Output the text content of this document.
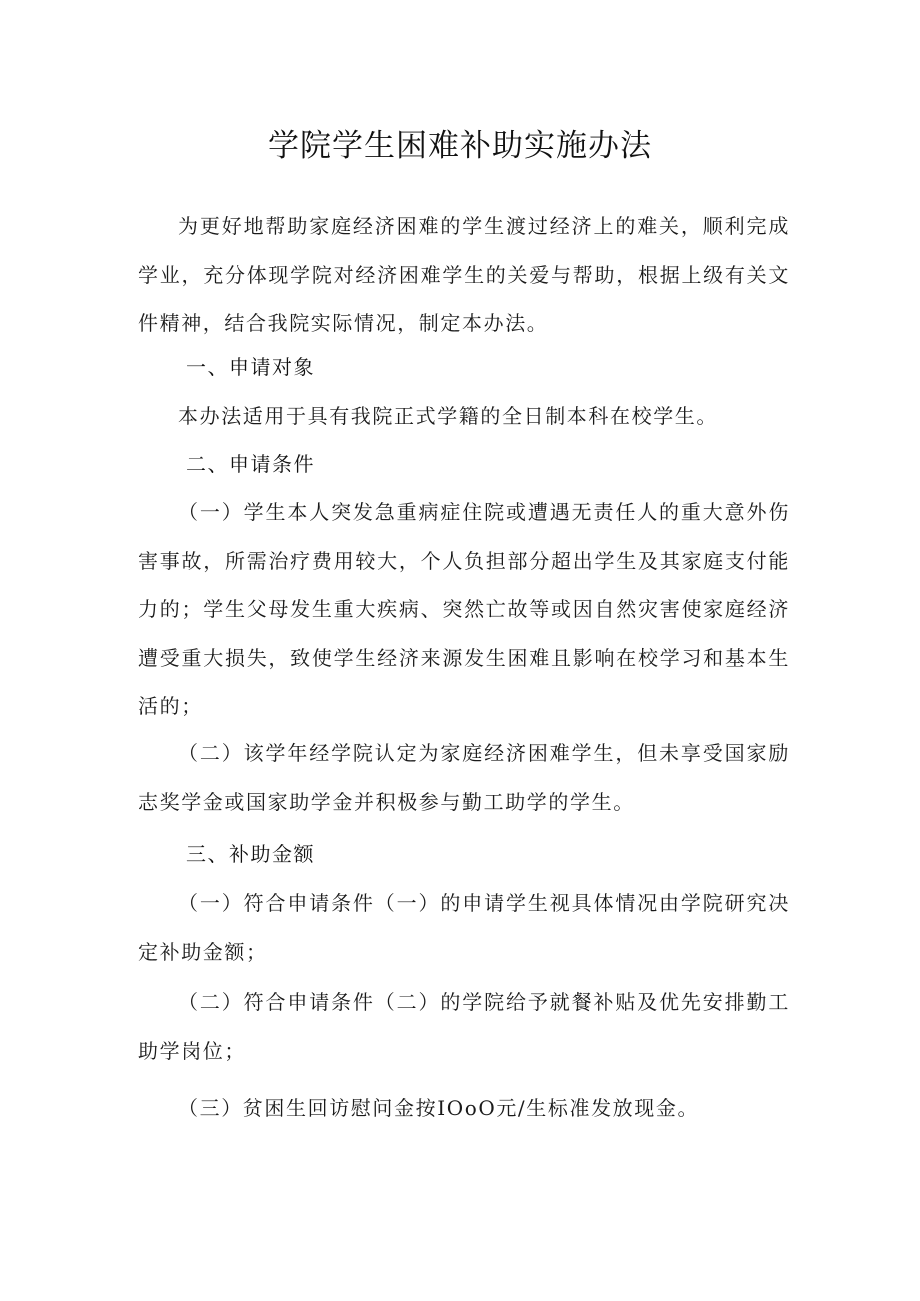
学院学生困难补助实施办法

为更好地帮助家庭经济困难的学生渡过经济上的难关，顺利完成学业，充分体现学院对经济困难学生的关爱与帮助，根据上级有关文件精神，结合我院实际情况，制定本办法。

一、申请对象

本办法适用于具有我院正式学籍的全日制本科在校学生。

二、申请条件

（一）学生本人突发急重病症住院或遭遇无责任人的重大意外伤害事故，所需治疗费用较大，个人负担部分超出学生及其家庭支付能力的；学生父母发生重大疾病、突然亡故等或因自然灾害使家庭经济遭受重大损失，致使学生经济来源发生困难且影响在校学习和基本生活的；

（二）该学年经学院认定为家庭经济困难学生，但未享受国家励志奖学金或国家助学金并积极参与勤工助学的学生。

三、补助金额

（一）符合申请条件（一）的申请学生视具体情况由学院研究决定补助金额；

（二）符合申请条件（二）的学院给予就餐补贴及优先安排勤工助学岗位；

（三）贫困生回访慰问金按IOoO元/生标准发放现金。
